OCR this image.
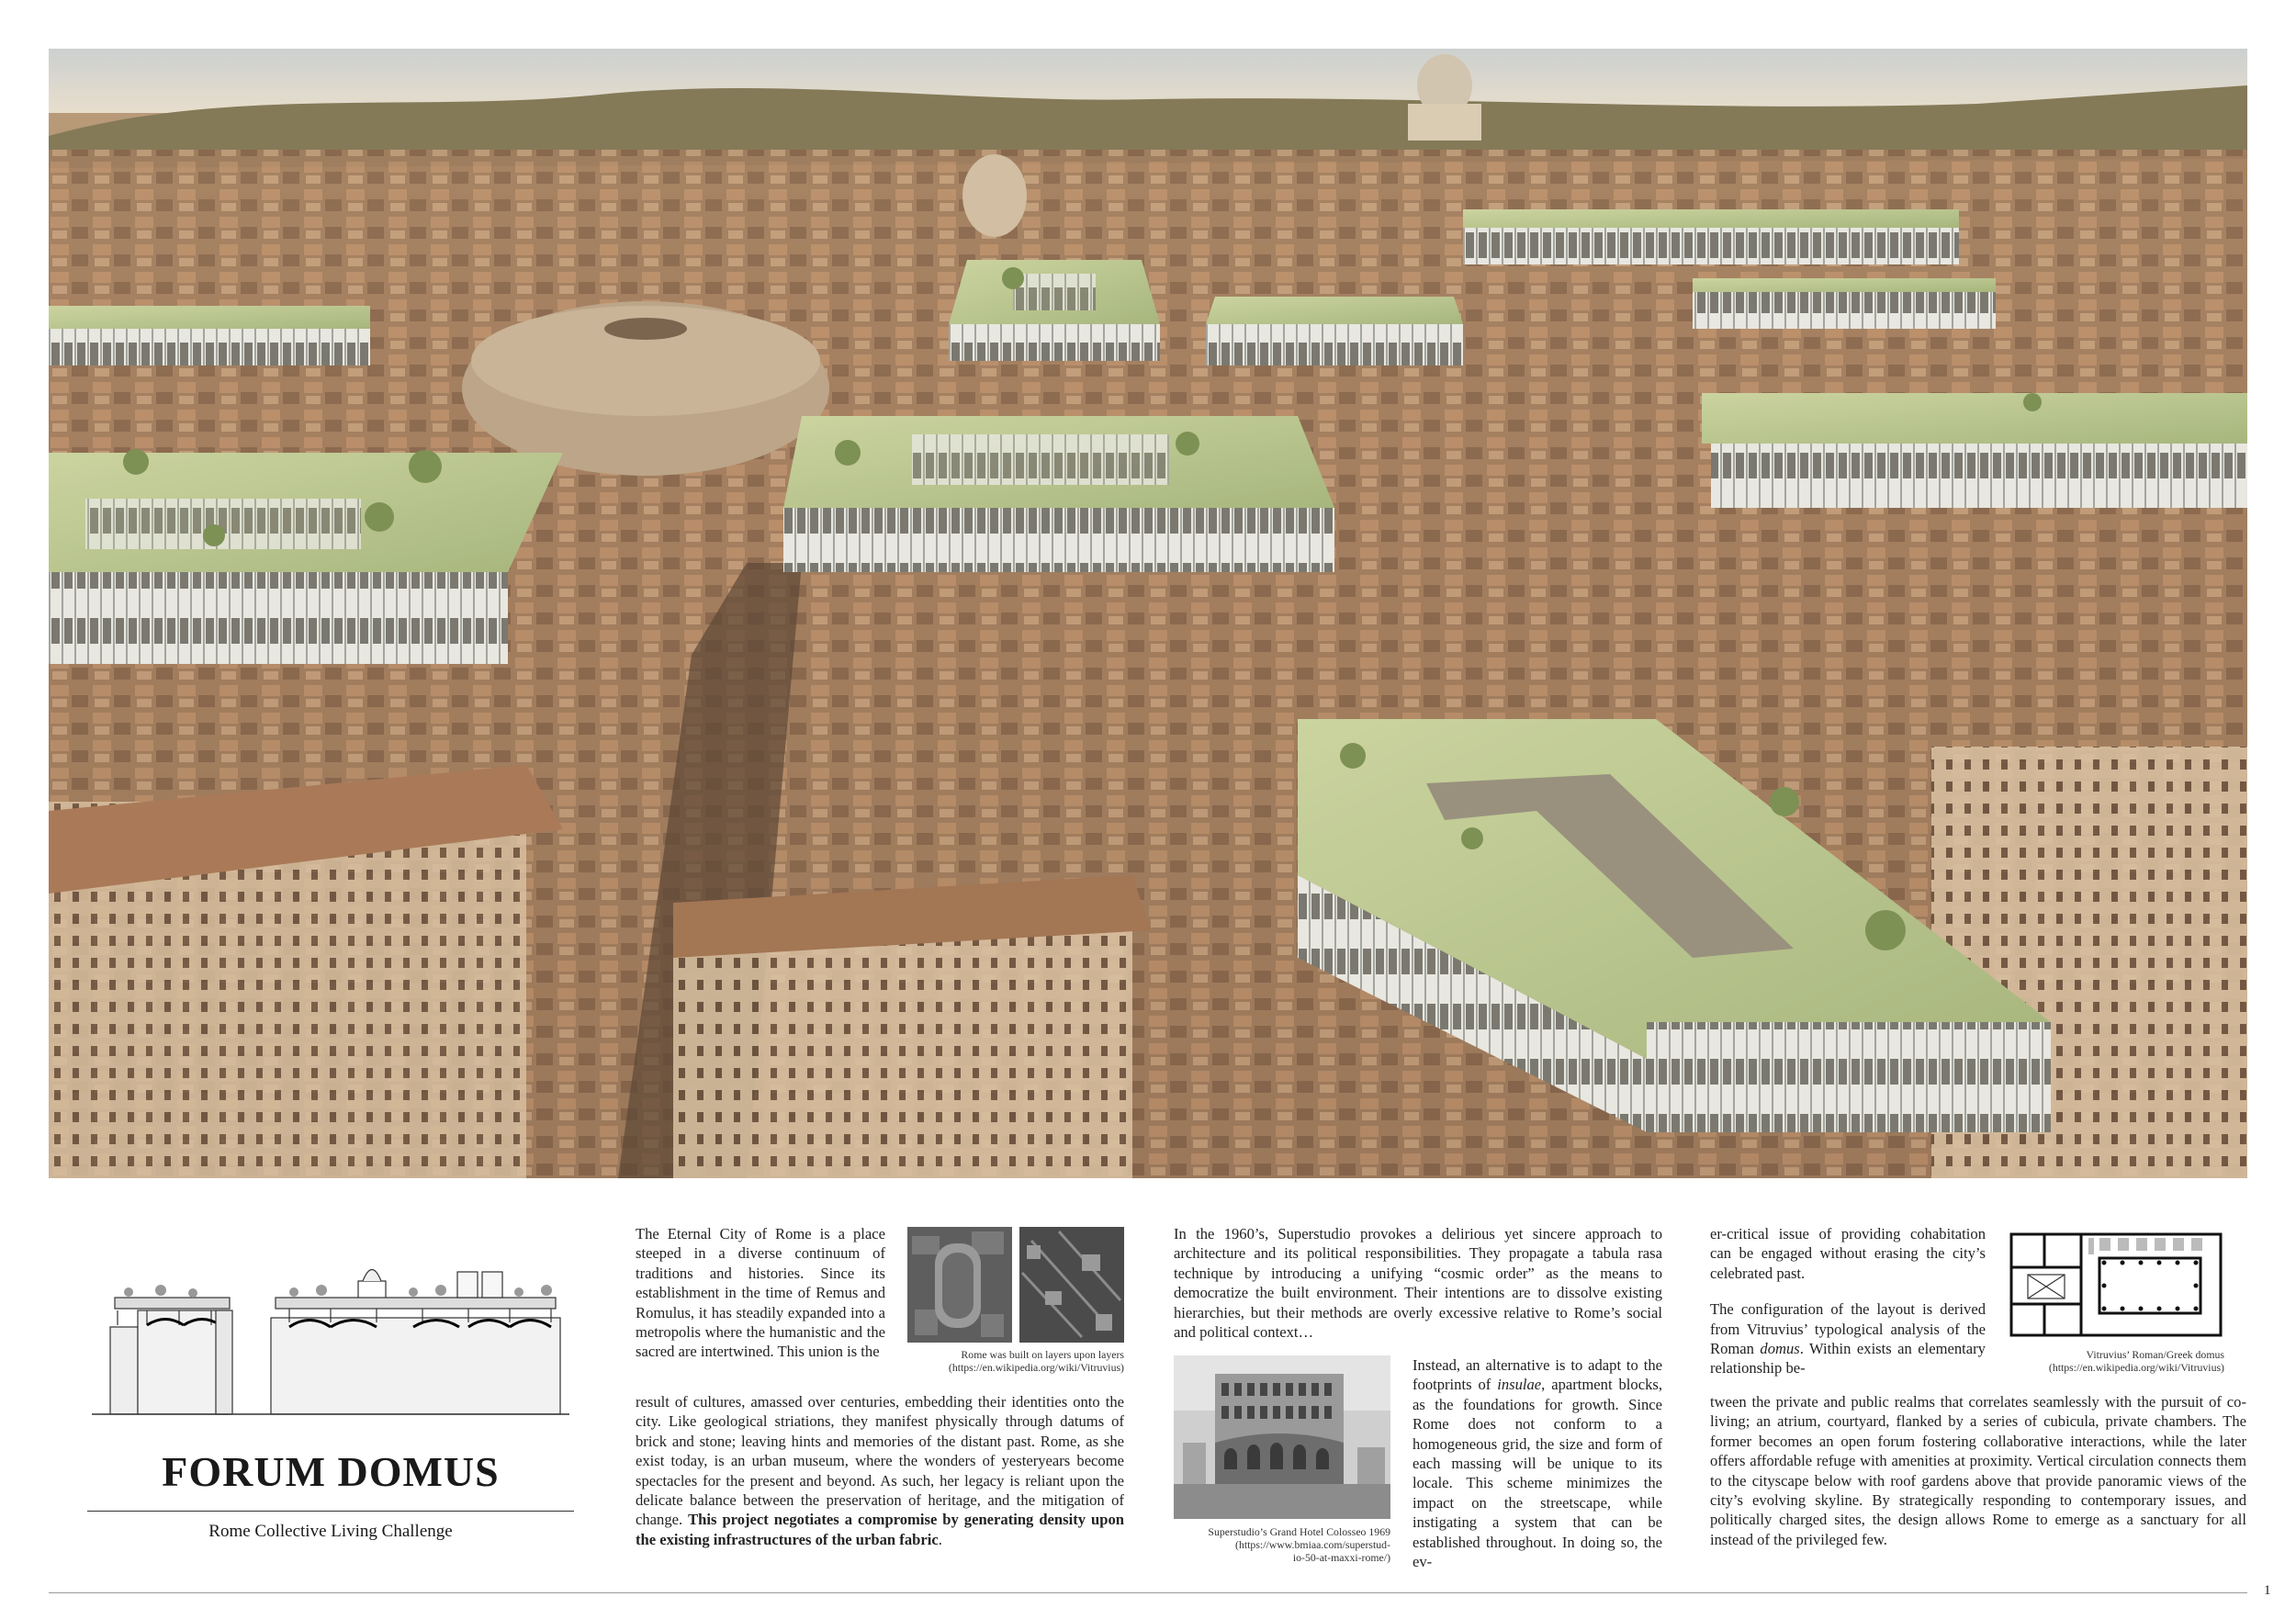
FORUM DOMUS
Rome Collective Living Challenge

The Eternal City of Rome is a place steeped in a diverse continuum of traditions and histories. Since its establishment in the time of Remus and Romulus, it has steadily expanded into a metropolis where the humanistic and the sacred are intertwined. This union is the	Rome was built on layers upon layers
(https://en.wikipedia.org/wiki/Vitruvius)

result of cultures, amassed over centuries, embedding their identities onto the city. Like geological striations, they manifest physically through datums of brick and stone; leaving hints and memories of the distant past. Rome, as she exist today, is an urban museum, where the wonders of yesteryears become spectacles for the present and beyond. As such, her legacy is reliant upon the delicate balance between the preservation of heritage, and the mitigation of change. This project negotiates a compromise by generating density upon the existing infrastructures of the urban fabric.

In the 1960’s, Superstudio provokes a delirious yet sincere approach to architecture and its political responsibilities. They propagate a tabula rasa technique by introducing a unifying “cosmic order” as the means to democratize the built environment. Their intentions are to dissolve existing hierarchies, but their methods are overly excessive relative to Rome’s social and political context…

Superstudio’s Grand Hotel Colosseo 1969
(https://www.bmiaa.com/superstud-
io-50-at-maxxi-rome/)

Instead, an alternative is to adapt to the footprints of insulae, apartment blocks, as the foundations for growth. Since Rome does not conform to a homogeneous grid, the size and form of each massing will be unique to its locale. This scheme minimizes the impact on the streetscape, while instigating a system that can be established throughout. In doing so, the ev-

er-critical issue of providing cohabitation can be engaged without erasing the city’s celebrated past.

The configuration of the layout is derived from Vitruvius’ typological analysis of the Roman domus. Within exists an elementary relationship be-

Vitruvius’ Roman/Greek domus
(https://en.wikipedia.org/wiki/Vitruvius)

tween the private and public realms that correlates seamlessly with the pursuit of co-living; an atrium, courtyard, flanked by a series of cubicula, private chambers. The former becomes an open forum fostering collaborative interactions, while the later offers affordable refuge with amenities at proximity. Vertical circulation connects them to the cityscape below with roof gardens above that provide panoramic views of the city’s evolving skyline. By strategically responding to contemporary issues, and politically charged sites, the design allows Rome to emerge as a sanctuary for all instead of the privileged few.

1
